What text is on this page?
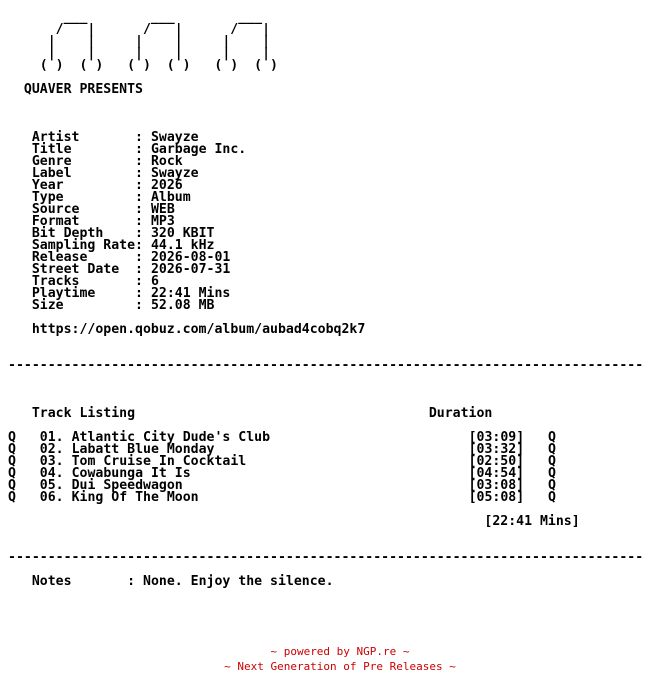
___        ___        ___
/   |      /   |      /   |
|    |     |    |     |    |
|    |     |    |     |    |
( )  ( )   ( )  ( )   ( )  ( )

QUAVER PRESENTS

Artist       : Swayze
Title        : Garbage Inc.
Genre        : Rock
Label        : Swayze
Year         : 2026
Type         : Album
Source       : WEB
Format       : MP3
Bit Depth    : 320 KBIT
Sampling Rate: 44.1 kHz
Release      : 2026-08-01
Street Date  : 2026-07-31
Tracks       : 6
Playtime     : 22:41 Mins
Size         : 52.08 MB

https://open.qobuz.com/album/aubad4cobq2k7

--------------------------------------------------------------------------------

Track Listing	Duration

Q 01. Atlantic City Dude's Club	[03:09] Q
Q 02. Labatt Blue Monday	[03:32] Q
Q 03. Tom Cruise In Cocktail	[02:50] Q
Q 04. Cowabunga It Is	[04:54] Q
Q 05. Dui Speedwagon	[03:08] Q
Q 06. King Of The Moon	[05:08] Q

[22:41 Mins]

--------------------------------------------------------------------------------

Notes       : None. Enjoy the silence.
~ powered by NGP.re ~
~ Next Generation of Pre Releases ~
